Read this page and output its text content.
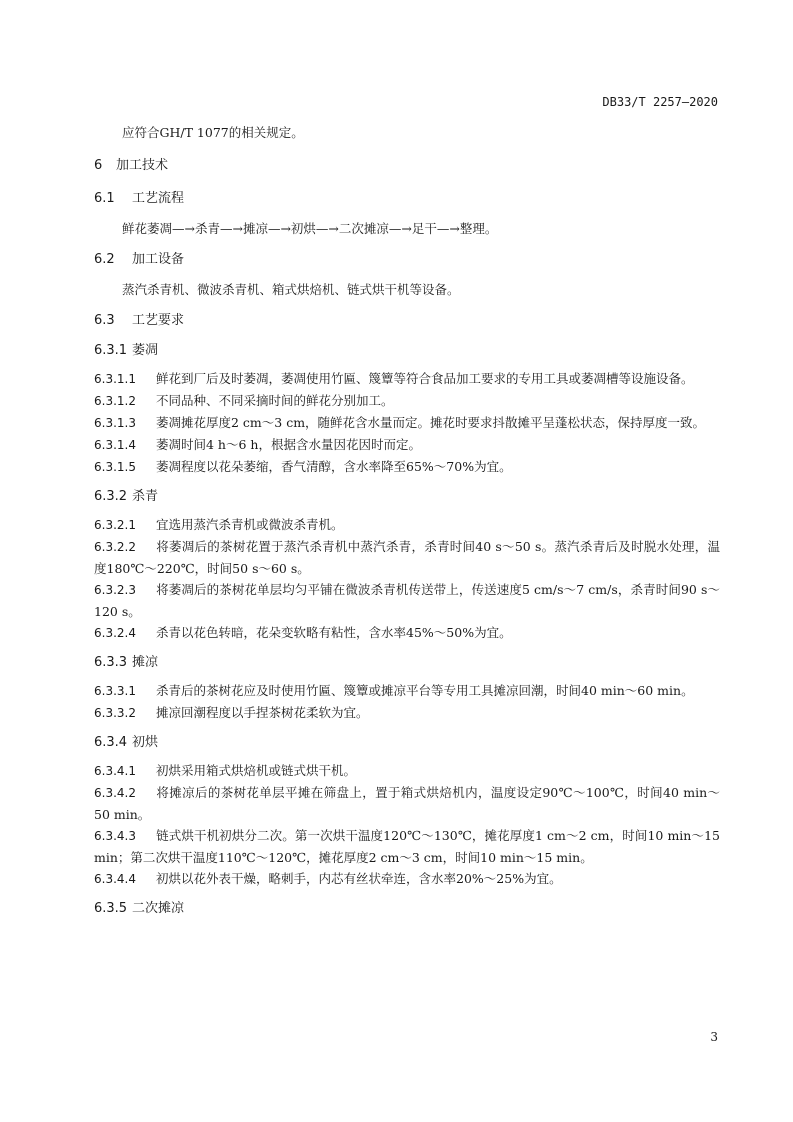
DB33/T 2257—2020

应符合GH/T 1077的相关规定。

6 加工技术
6.1 工艺流程

鲜花萎凋—→杀青—→摊凉—→初烘—→二次摊凉—→足干—→整理。

6.2 加工设备

蒸汽杀青机、微波杀青机、箱式烘焙机、链式烘干机等设备。

6.3 工艺要求
6.3.1 萎凋

6.3.1.1 鲜花到厂后及时萎凋，萎凋使用竹匾、篾簟等符合食品加工要求的专用工具或萎凋槽等设施设备。

6.3.1.2 不同品种、不同采摘时间的鲜花分别加工。

6.3.1.3 萎凋摊花厚度2 cm～3 cm，随鲜花含水量而定。摊花时要求抖散摊平呈蓬松状态，保持厚度一致。

6.3.1.4 萎凋时间4 h～6 h，根据含水量因花因时而定。

6.3.1.5 萎凋程度以花朵萎缩，香气清醇，含水率降至65%～70%为宜。

6.3.2 杀青

6.3.2.1 宜选用蒸汽杀青机或微波杀青机。

6.3.2.2 将萎凋后的茶树花置于蒸汽杀青机中蒸汽杀青，杀青时间40 s～50 s。蒸汽杀青后及时脱水处理，温度180℃～220℃，时间50 s～60 s。

6.3.2.3 将萎凋后的茶树花单层均匀平铺在微波杀青机传送带上，传送速度5 cm/s～7 cm/s，杀青时间90 s～120 s。

6.3.2.4 杀青以花色转暗，花朵变软略有粘性，含水率45%～50%为宜。

6.3.3 摊凉

6.3.3.1 杀青后的茶树花应及时使用竹匾、篾簟或摊凉平台等专用工具摊凉回潮，时间40 min～60 min。

6.3.3.2 摊凉回潮程度以手捏茶树花柔软为宜。

6.3.4 初烘

6.3.4.1 初烘采用箱式烘焙机或链式烘干机。

6.3.4.2 将摊凉后的茶树花单层平摊在筛盘上，置于箱式烘焙机内，温度设定90℃～100℃，时间40 min～50 min。

6.3.4.3 链式烘干机初烘分二次。第一次烘干温度120℃～130℃，摊花厚度1 cm～2 cm，时间10 min～15 min；第二次烘干温度110℃～120℃，摊花厚度2 cm～3 cm，时间10 min～15 min。

6.3.4.4 初烘以花外表干燥，略刺手，内芯有丝状牵连，含水率20%～25%为宜。

6.3.5 二次摊凉
3
